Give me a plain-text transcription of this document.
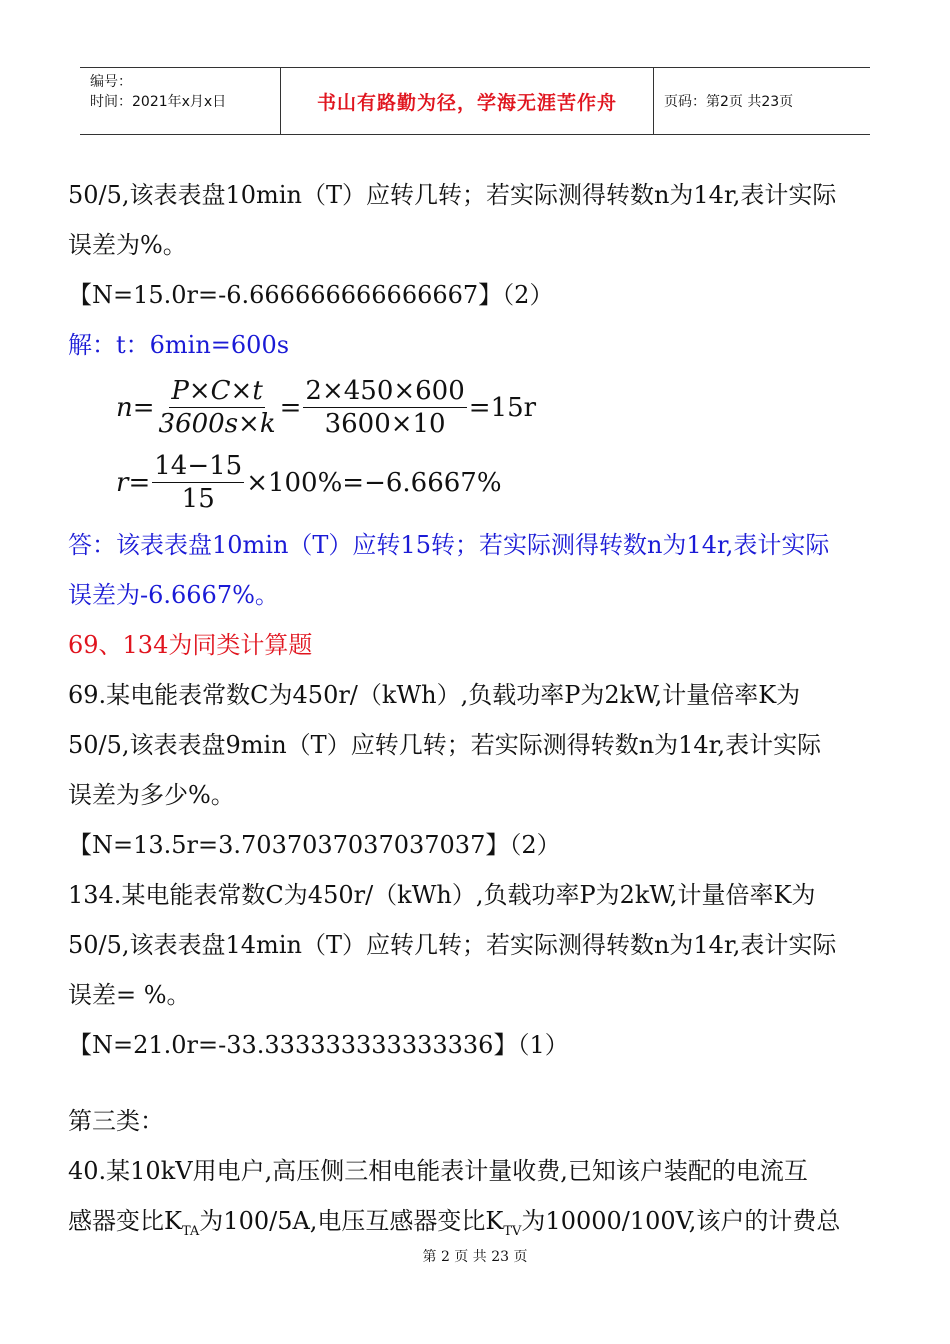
编号：
时间：2021年x月x日	书山有路勤为径，学海无涯苦作舟	页码：第2页 共23页

50/5,该表表盘10min（T）应转几转；若实际测得转数n为14r,表计实际

误差为%。

【N=15.0r=-6.666666666666667】（2）

解：t：6min=600s

$n = \frac{P\times C\times t}{3600s\times k} = \frac{2\times 450\times 600}{3600\times 10} =15r$
$r = \frac{14-15}{15} \times 100\%=-6.6667\%$

答：该表表盘10min（T）应转15转；若实际测得转数n为14r,表计实际

误差为-6.6667%。

69、134为同类计算题

69.某电能表常数C为450r/（kWh）,负载功率P为2kW,计量倍率K为

50/5,该表表盘9min（T）应转几转；若实际测得转数n为14r,表计实际

误差为多少%。

【N=13.5r=3.7037037037037037】（2）

134.某电能表常数C为450r/（kWh）,负载功率P为2kW,计量倍率K为

50/5,该表表盘14min（T）应转几转；若实际测得转数n为14r,表计实际

误差= %。

【N=21.0r=-33.333333333333336】（1）

第三类：

40.某10kV用电户,高压侧三相电能表计量收费,已知该户装配的电流互

感器变比$K_{TA}$为100/5A,电压互感器变比$K_{TV}$为10000/100V,该户的计费总

第 2 页 共 23 页
